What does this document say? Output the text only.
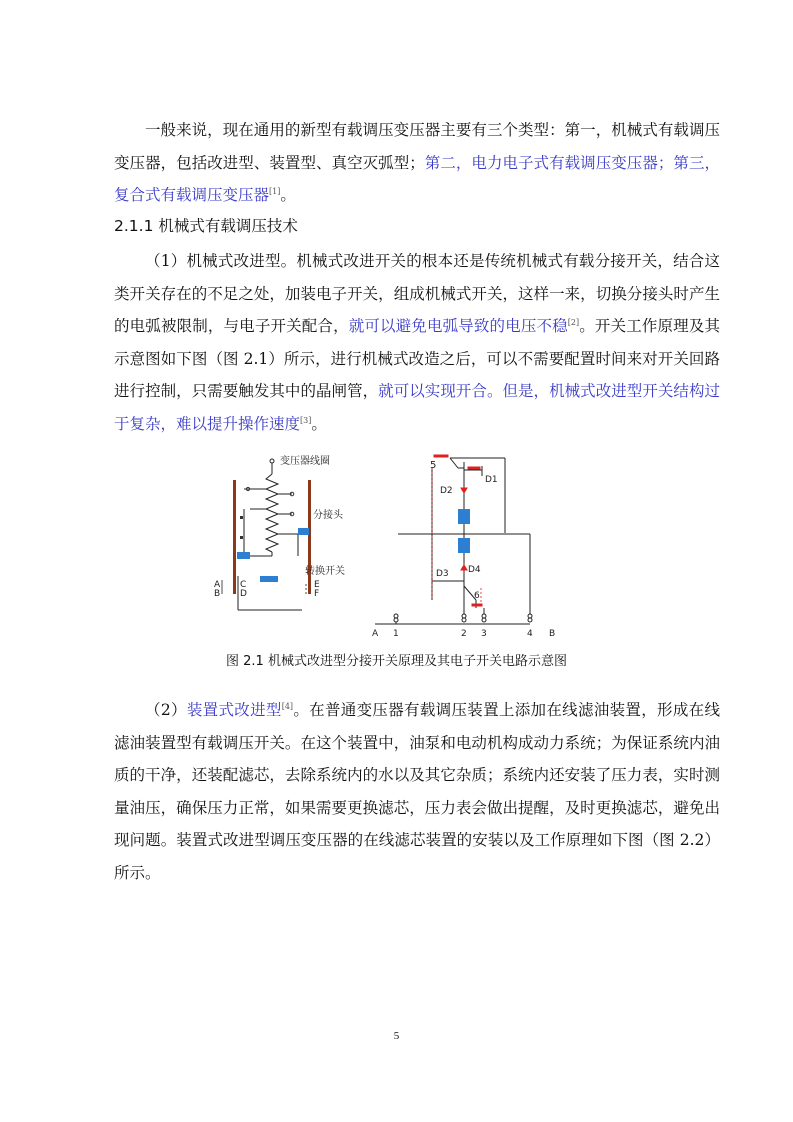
一般来说，现在通用的新型有载调压变压器主要有三个类型：第一，机械式有载调压变压器，包括改进型、装置型、真空灭弧型；第二，电力电子式有载调压变压器；第三，复合式有载调压变压器[1]。
2.1.1 机械式有载调压技术
（1）机械式改进型。机械式改进开关的根本还是传统机械式有载分接开关，结合这类开关存在的不足之处，加装电子开关，组成机械式开关，这样一来，切换分接头时产生的电弧被限制，与电子开关配合，就可以避免电弧导致的电压不稳[2]。开关工作原理及其示意图如下图（图 2.1）所示，进行机械式改造之后，可以不需要配置时间来对开关回路进行控制，只需要触发其中的晶闸管，就可以实现开合。但是，机械式改进型开关结构过于复杂，难以提升操作速度[3]。
变压器线圈
分接头
转换开关
A
B
C
D
E
F
5
D1
D2
D3 D4
6
A 1	2 3	4 B
图 2.1 机械式改进型分接开关原理及其电子开关电路示意图
（2）装置式改进型[4]。在普通变压器有载调压装置上添加在线滤油装置，形成在线滤油装置型有载调压开关。在这个装置中，油泵和电动机构成动力系统；为保证系统内油质的干净，还装配滤芯，去除系统内的水以及其它杂质；系统内还安装了压力表，实时测量油压，确保压力正常，如果需要更换滤芯，压力表会做出提醒，及时更换滤芯，避免出现问题。装置式改进型调压变压器的在线滤芯装置的安装以及工作原理如下图（图 2.2）所示。
5
